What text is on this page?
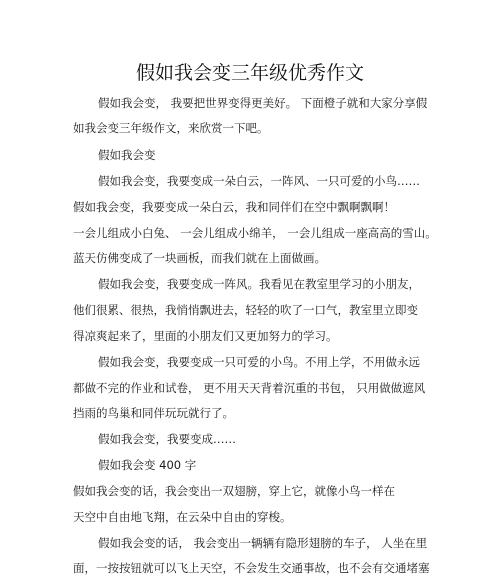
假如我会变三年级优秀作文
假如我会变， 我要把世界变得更美好。 下面橙子就和大家分享假
如我会变三年级作文，来欣赏一下吧。
假如我会变
假如我会变，我要变成一朵白云，一阵风、一只可爱的小鸟……
假如我会变，我要变成一朵白云，我和同伴们在空中飘啊飘啊！
一会儿组成小白兔、 一会儿组成小绵羊， 一会儿组成一座高高的雪山。
蓝天仿佛变成了一块画板，而我们就在上面做画。
假如我会变，我要变成一阵风。我看见在教室里学习的小朋友，
他们很累、很热，我悄悄飘进去，轻轻的吹了一口气，教室里立即变
得凉爽起来了，里面的小朋友们又更加努力的学习。
假如我会变，我要变成一只可爱的小鸟。不用上学，不用做永远
都做不完的作业和试卷， 更不用天天背着沉重的书包， 只用做做遮风
挡雨的鸟巢和同伴玩玩就行了。
假如我会变，我要变成……
假如我会变 400 字
假如我会变的话，我会变出一双翅膀，穿上它，就像小鸟一样在
天空中自由地飞翔，在云朵中自由的穿梭。
假如我会变的话， 我会变出一辆辆有隐形翅膀的车子， 人坐在里
面，一按按钮就可以飞上天空，不会发生交通事故，也不会有交通堵塞
